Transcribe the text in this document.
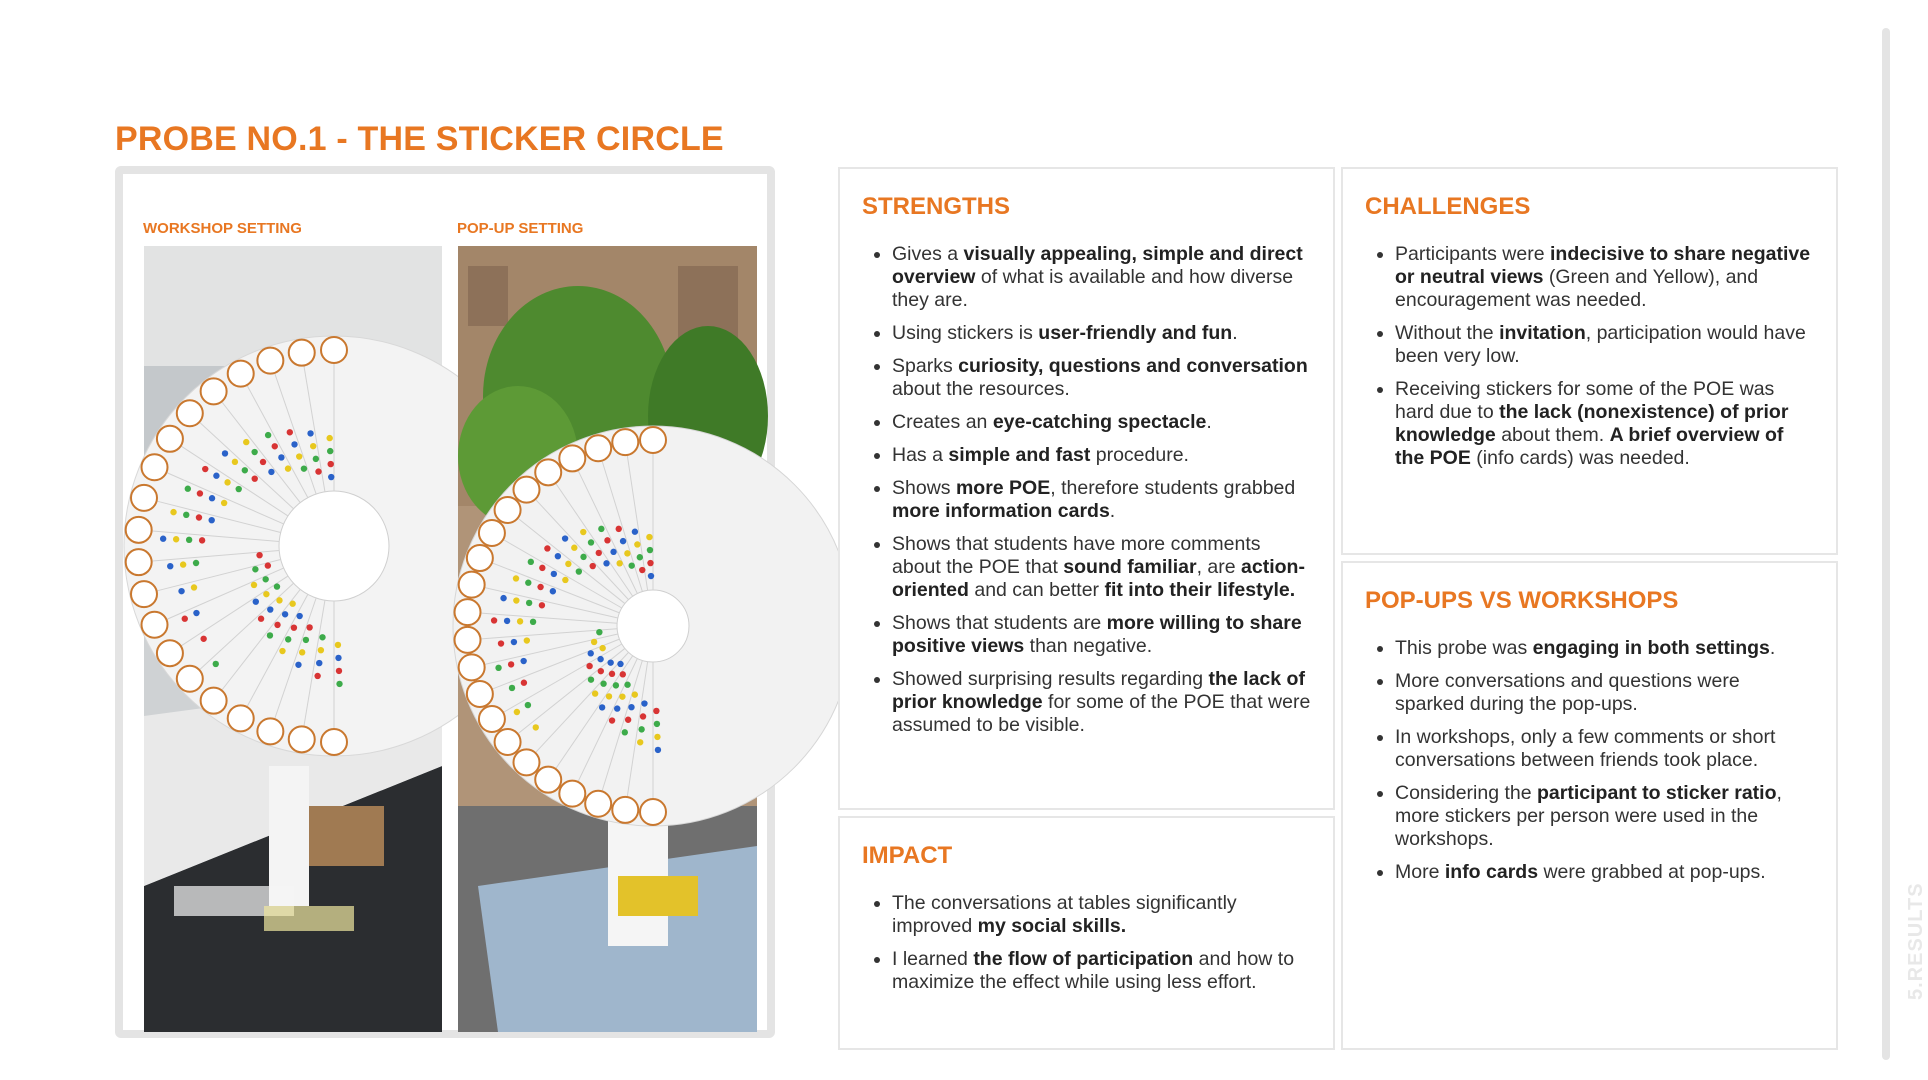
PROBE NO.1 - THE STICKER CIRCLE
WORKSHOP SETTING	POP-UP SETTING
STRENGTHS
• Gives a visually appealing, simple and direct overview of what is available and how diverse they are.
• Using stickers is user-friendly and fun.
• Sparks curiosity, questions and conversation about the resources.
• Creates an eye-catching spectacle.
• Has a simple and fast procedure.
• Shows more POE, therefore students grabbed more information cards.
• Shows that students have more comments about the POE that sound familiar, are action-oriented and can better fit into their lifestyle.
• Shows that students are more willing to share positive views than negative.
• Showed surprising results regarding the lack of prior knowledge for some of the POE that were assumed to be visible.
IMPACT
• The conversations at tables significantly improved my social skills.
• I learned the flow of participation and how to maximize the effect while using less effort.
CHALLENGES
• Participants were indecisive to share negative or neutral views (Green and Yellow), and encouragement was needed.
• Without the invitation, participation would have been very low.
• Receiving stickers for some of the POE was hard due to the lack (nonexistence) of prior knowledge about them. A brief overview of the POE (info cards) was needed.
POP-UPS VS WORKSHOPS
• This probe was engaging in both settings.
• More conversations and questions were sparked during the pop-ups.
• In workshops, only a few comments or short conversations between friends took place.
• Considering the participant to sticker ratio, more stickers per person were used in the workshops.
• More info cards were grabbed at pop-ups.
5.RESULTS
